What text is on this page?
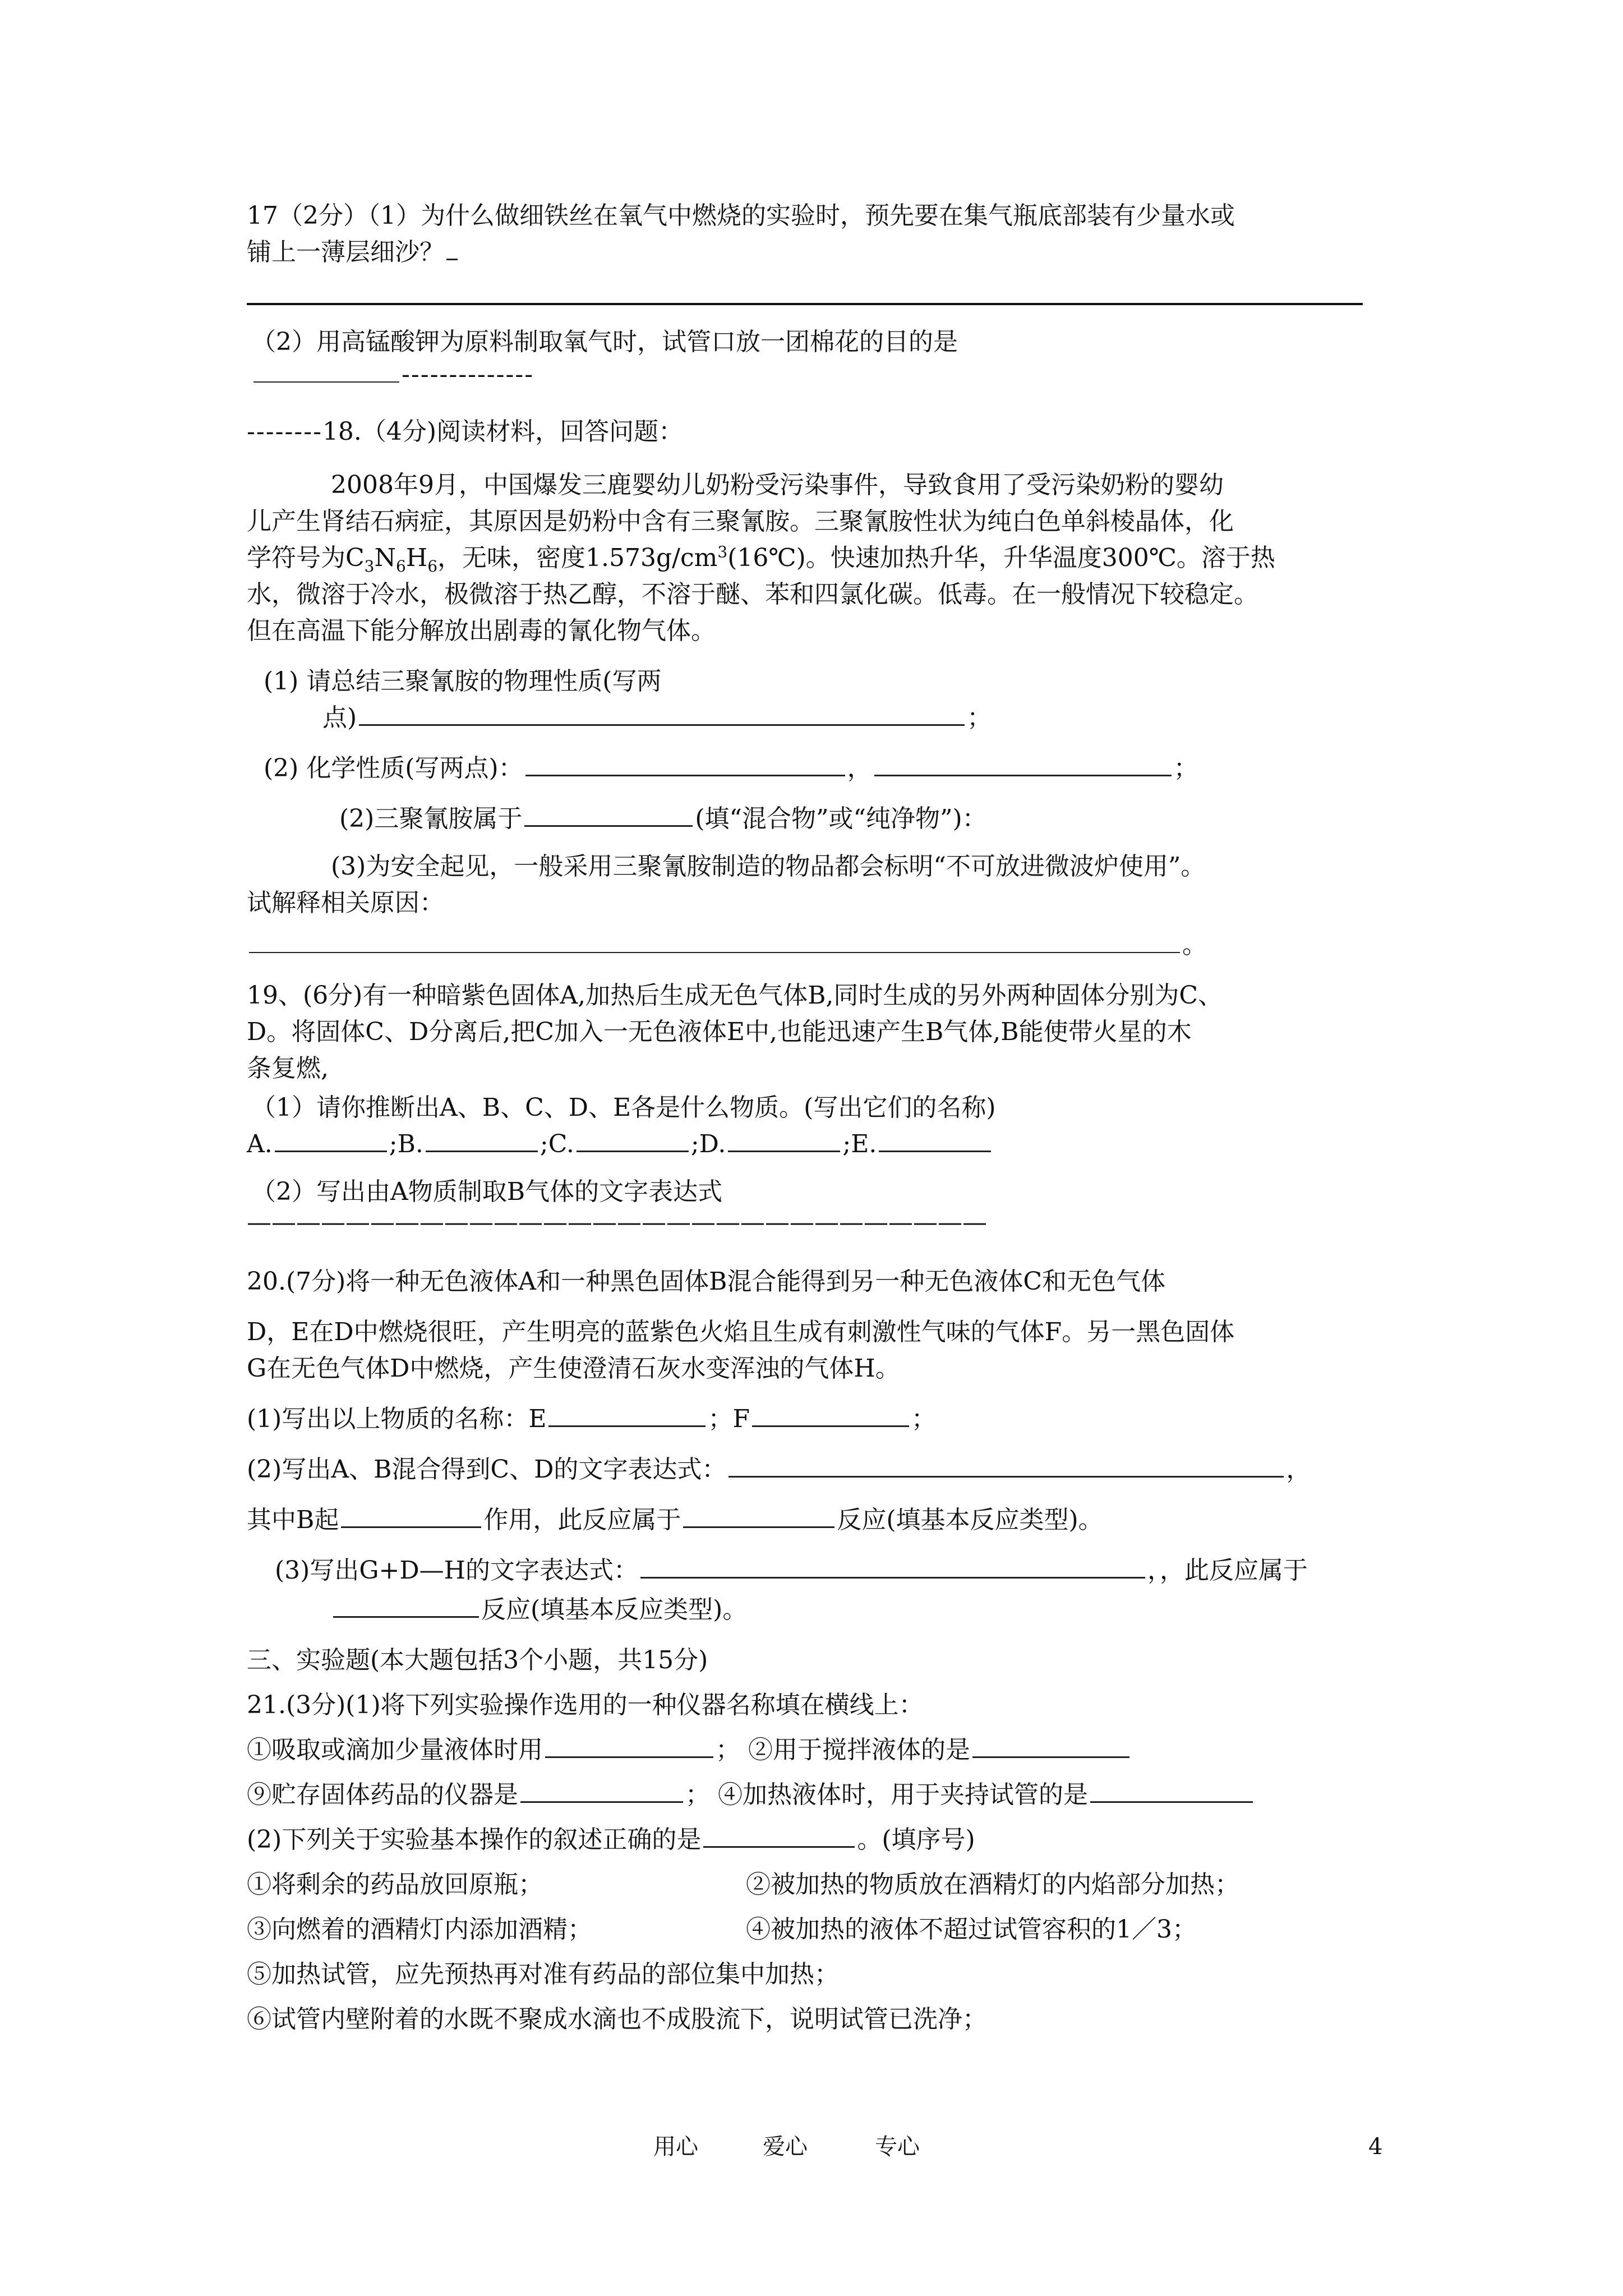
17（2分）（1）为什么做细铁丝在氧气中燃烧的实验时，预先要在集气瓶底部装有少量水或
铺上一薄层细沙？
（2）用高锰酸钾为原料制取氧气时，试管口放一团棉花的目的是
--------------
--------18.（4分)阅读材料，回答问题：
2008年9月，中国爆发三鹿婴幼儿奶粉受污染事件，导致食用了受污染奶粉的婴幼
儿产生肾结石病症，其原因是奶粉中含有三聚氰胺。三聚氰胺性状为纯白色单斜棱晶体，化
学符号为$C_3N_6H_6$，无味，密度$1.573g/cm^3(16℃)$。快速加热升华，升华温度300℃。溶于热
水，微溶于冷水，极微溶于热乙醇，不溶于醚、苯和四氯化碳。低毒。在一般情况下较稳定。
但在高温下能分解放出剧毒的氰化物气体。
(1) 请总结三聚氰胺的物理性质(写两
点)	；
(2) 化学性质(写两点)：	，	；
(2)三聚氰胺属于	(填“混合物”或“纯净物”)：
(3)为安全起见，一般采用三聚氰胺制造的物品都会标明“不可放进微波炉使用”。
试解释相关原因：
。
19、(6分)有一种暗紫色固体A,加热后生成无色气体B,同时生成的另外两种固体分别为C、
D。将固体C、D分离后,把C加入一无色液体E中,也能迅速产生B气体,B能使带火星的木
条复燃,
（1）请你推断出A、B、C、D、E各是什么物质。(写出它们的名称)
A.	;B.	;C.	;D.	;E.
（2）写出由A物质制取B气体的文字表达式
——————————————————————————————
20.(7分)将一种无色液体A和一种黑色固体B混合能得到另一种无色液体C和无色气体
D，E在D中燃烧很旺，产生明亮的蓝紫色火焰且生成有刺激性气味的气体F。另一黑色固体
G在无色气体D中燃烧，产生使澄清石灰水变浑浊的气体H。
(1)写出以上物质的名称：E	；F	；
(2)写出A、B混合得到C、D的文字表达式：	，
其中B起	作用，此反应属于	反应(填基本反应类型)。
(3)写出G+D—H的文字表达式：	，，此反应属于
反应(填基本反应类型)。
三、实验题(本大题包括3个小题，共15分)
21.(3分)(1)将下列实验操作选用的一种仪器名称填在横线上：
①吸取或滴加少量液体时用	； ②用于搅拌液体的是
⑨贮存固体药品的仪器是	； ④加热液体时，用于夹持试管的是
(2)下列关于实验基本操作的叙述正确的是	。(填序号)
①将剩余的药品放回原瓶；	②被加热的物质放在酒精灯的内焰部分加热；
③向燃着的酒精灯内添加酒精；	④被加热的液体不超过试管容积的1／3；
⑤加热试管，应先预热再对准有药品的部位集中加热；
⑥试管内壁附着的水既不聚成水滴也不成股流下，说明试管已洗净；
用心	爱心	专心	4
